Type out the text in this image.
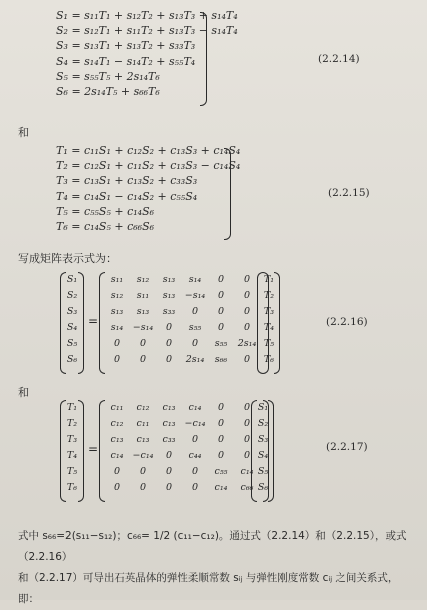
S₁ = s₁₁T₁ + s₁₂T₂ + s₁₃T₃ + s₁₄T₄
S₂ = s₁₂T₁ + s₁₁T₂ + s₁₃T₃ − s₁₄T₄
S₃ = s₁₃T₁ + s₁₃T₂ + s₃₃T₃
S₄ = s₁₄T₁ − s₁₄T₂ + s₅₅T₄
S₅ = s₅₅T₅ + 2s₁₄T₆
S₆ = 2s₁₄T₅ + s₆₆T₆
(2.2.14)
和
T₁ = c₁₁S₁ + c₁₂S₂ + c₁₃S₃ + c₁₄S₄
T₂ = c₁₂S₁ + c₁₁S₂ + c₁₃S₃ − c₁₄S₄
T₃ = c₁₃S₁ + c₁₃S₂ + c₃₃S₃
T₄ = c₁₄S₁ − c₁₄S₂ + c₅₅S₄
T₅ = c₅₅S₅ + c₁₄S₆
T₆ = c₁₄S₅ + c₆₆S₆
(2.2.15)
写成矩阵表示式为：
S₁
S₂
S₃
S₄
S₅
S₆
=
s₁₁	s₁₂	s₁₃	s₁₄	0	0
s₁₂	s₁₁	s₁₃	−s₁₄	0	0
s₁₃	s₁₃	s₃₃	0	0	0
s₁₄	−s₁₄	0	s₅₅	0	0
0	0	0	0	s₅₅	2s₁₄
0	0	0	2s₁₄	s₆₆	0
T₁
T₂
T₃
T₄
T₅
T₆
(2.2.16)
和
T₁
T₂
T₃
T₄
T₅
T₆
=
c₁₁	c₁₂	c₁₃	c₁₄	0	0
c₁₂	c₁₁	c₁₃ −c₁₄	0	0
c₁₃	c₁₃	c₃₃	0	0	0
c₁₄ −c₁₄	0	c₄₄	0	0
0	0	0	0	c₅₅	c₁₄
0	0	0	0	c₁₄	c₆₆
S₁
S₂
S₃
S₄
S₅
S₆
(2.2.17)
式中 s₆₆=2(s₁₁−s₁₂)；c₆₆= 1/2 (c₁₁−c₁₂)。通过式（2.2.14）和（2.2.15），或式（2.2.16）
和（2.2.17）可导出石英晶体的弹性柔顺常数 sᵢⱼ 与弹性刚度常数 cᵢⱼ 之间关系式，
即：
